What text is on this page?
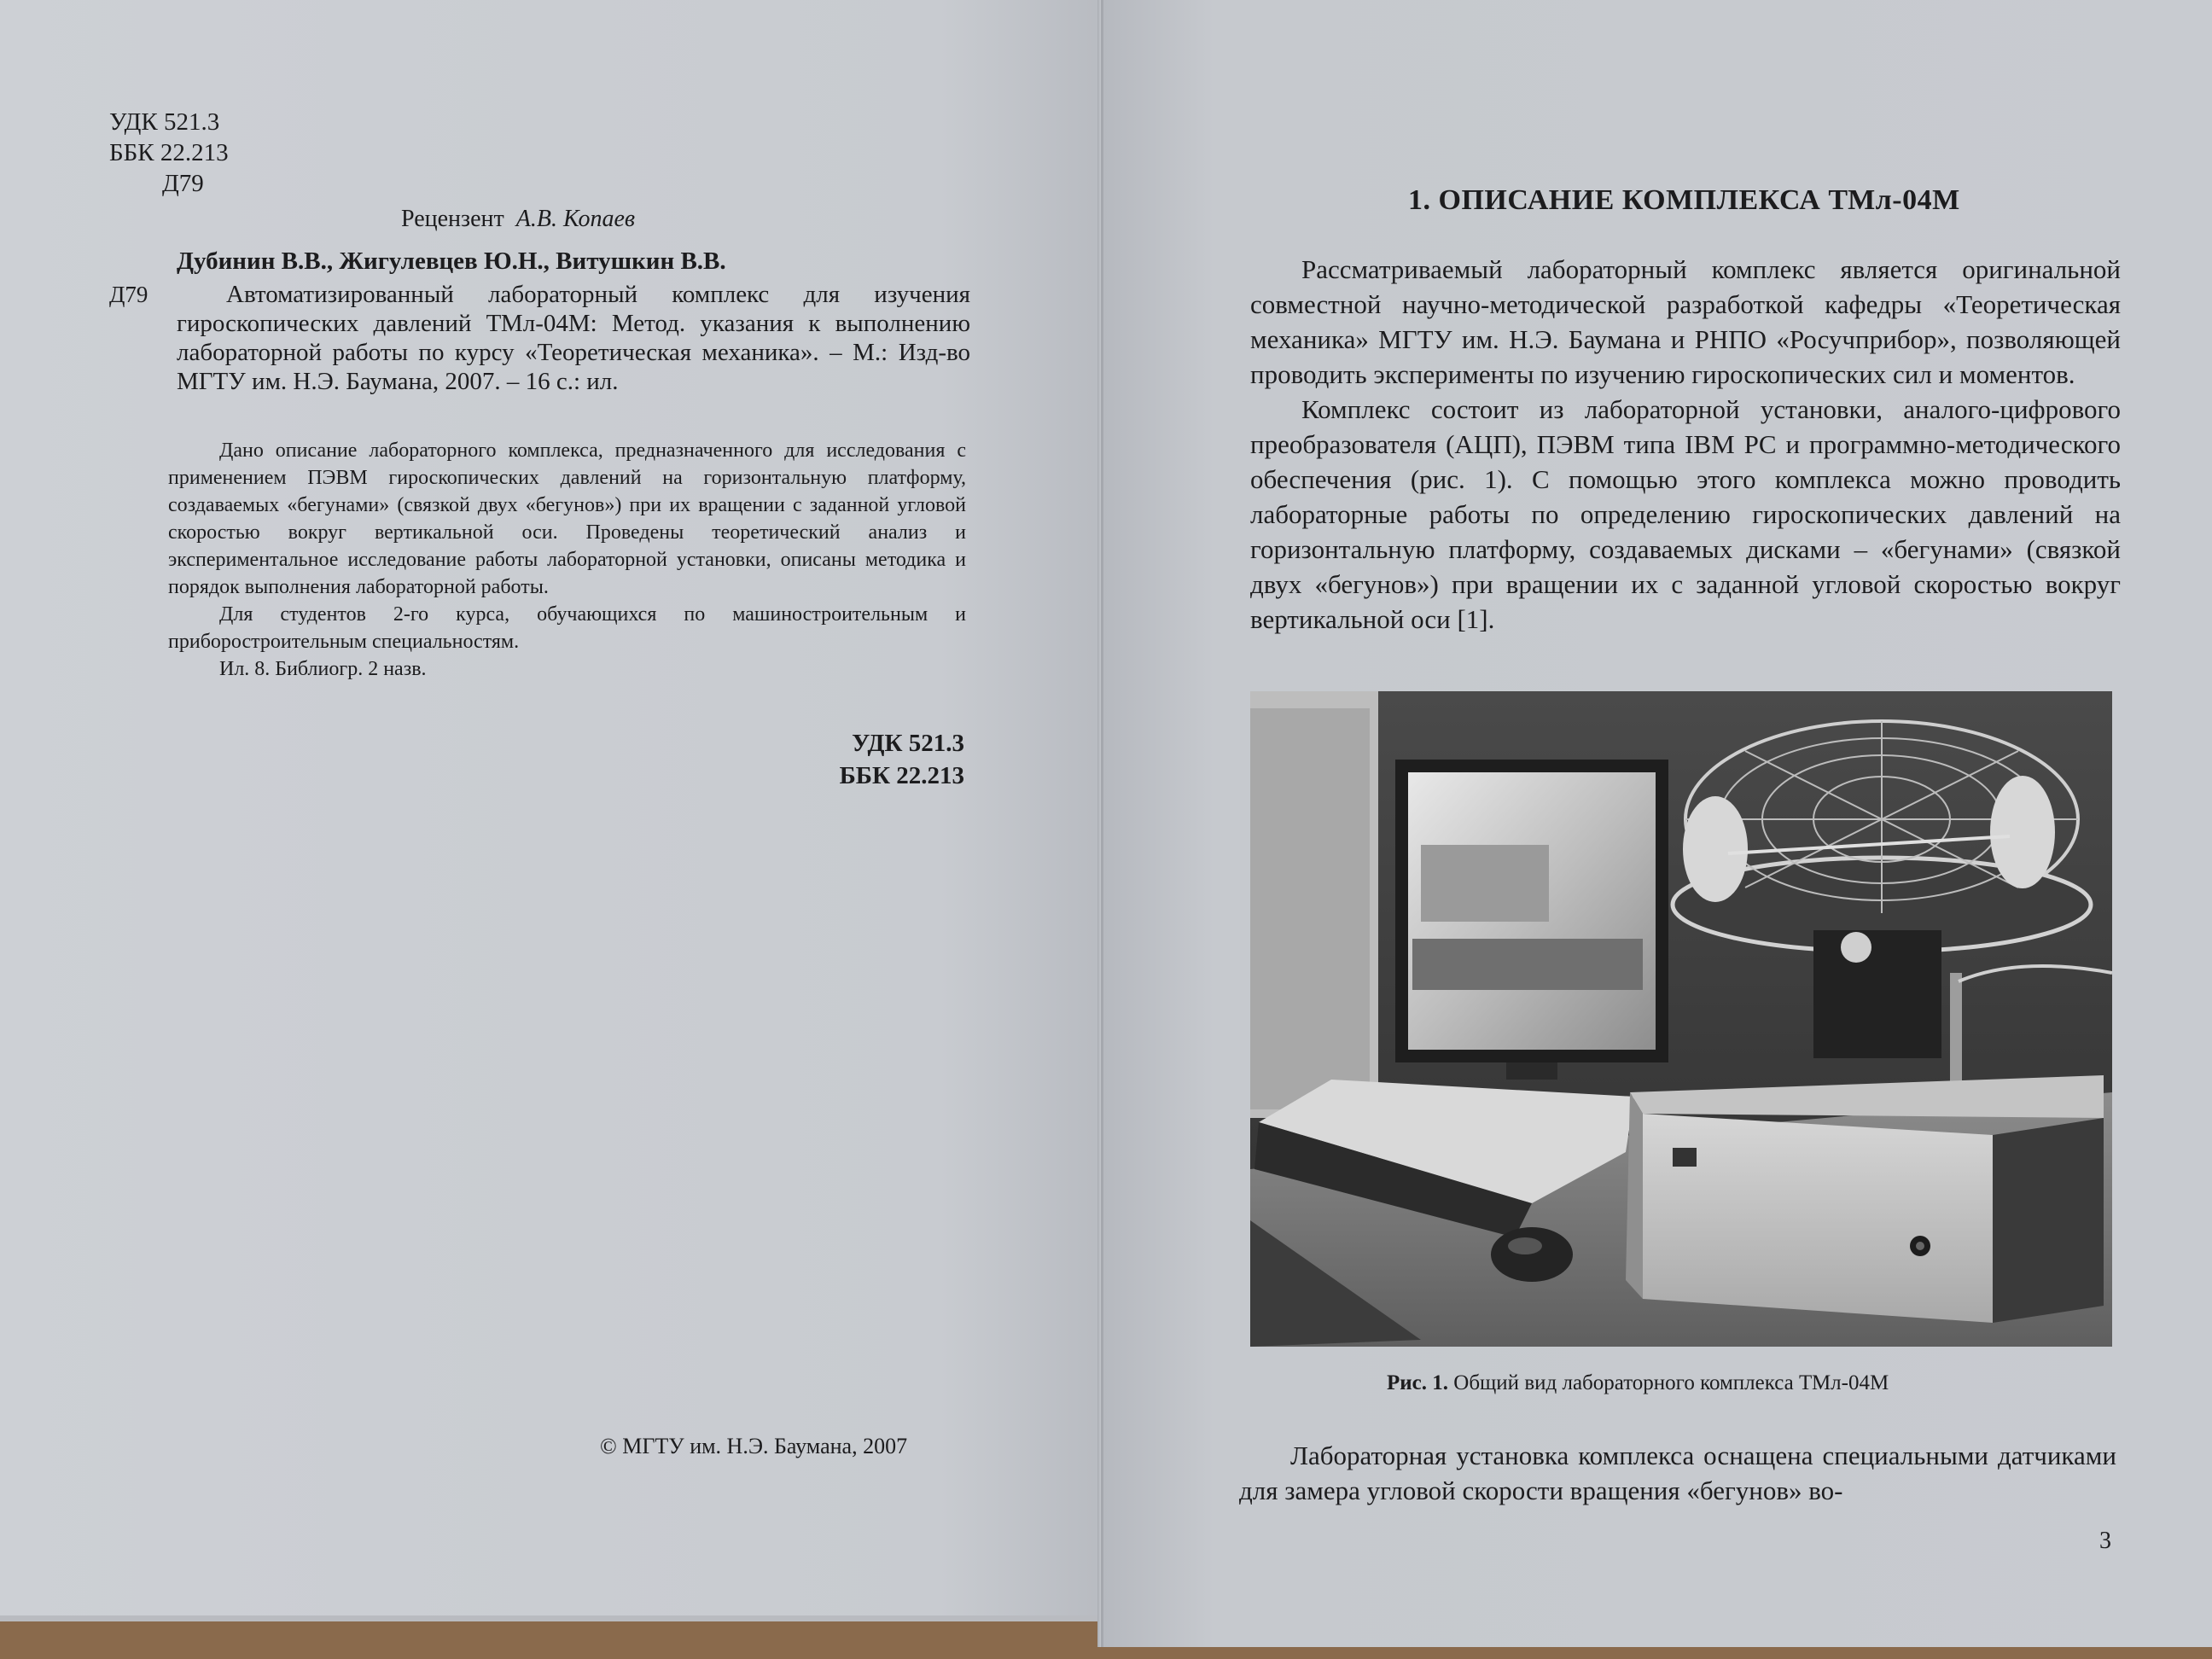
УДК 521.3
ББК 22.213
Д79
Рецензент А.В. Копаев
Дубинин В.В., Жигулевцев Ю.Н., Витушкин В.В.
Д79	Автоматизированный лабораторный комплекс для изучения гироскопических давлений ТМл-04М: Метод. указания к выполнению лабораторной работы по курсу «Теоретическая механика». – М.: Изд-во МГТУ им. Н.Э. Баумана, 2007. – 16 с.: ил.

Дано описание лабораторного комплекса, предназначенного для исследования с применением ПЭВМ гироскопических давлений на горизонтальную платформу, создаваемых «бегунами» (связкой двух «бегунов») при их вращении с заданной угловой скоростью вокруг вертикальной оси. Проведены теоретический анализ и экспериментальное исследование работы лабораторной установки, описаны методика и порядок выполнения лабораторной работы.

Для студентов 2-го курса, обучающихся по машиностроительным и приборостроительным специальностям.

Ил. 8. Библиогр. 2 назв.

УДК 521.3
ББК 22.213
© МГТУ им. Н.Э. Баумана, 2007
1. ОПИСАНИЕ КОМПЛЕКСА ТМл-04М

Рассматриваемый лабораторный комплекс является оригинальной совместной научно-методической разработкой кафедры «Теоретическая механика» МГТУ им. Н.Э. Баумана и РНПО «Росучприбор», позволяющей проводить эксперименты по изучению гироскопических сил и моментов.

Комплекс состоит из лабораторной установки, аналого-цифрового преобразователя (АЦП), ПЭВМ типа IBM PC и программно-методического обеспечения (рис. 1). С помощью этого комплекса можно проводить лабораторные работы по определению гироскопических давлений на горизонтальную платформу, создаваемых дисками – «бегунами» (связкой двух «бегунов») при вращении их с заданной угловой скоростью вокруг вертикальной оси [1].

Рис. 1. Общий вид лабораторного комплекса ТМл-04М

Лабораторная установка комплекса оснащена специальными датчиками для замера угловой скорости вращения «бегунов» во-

3
